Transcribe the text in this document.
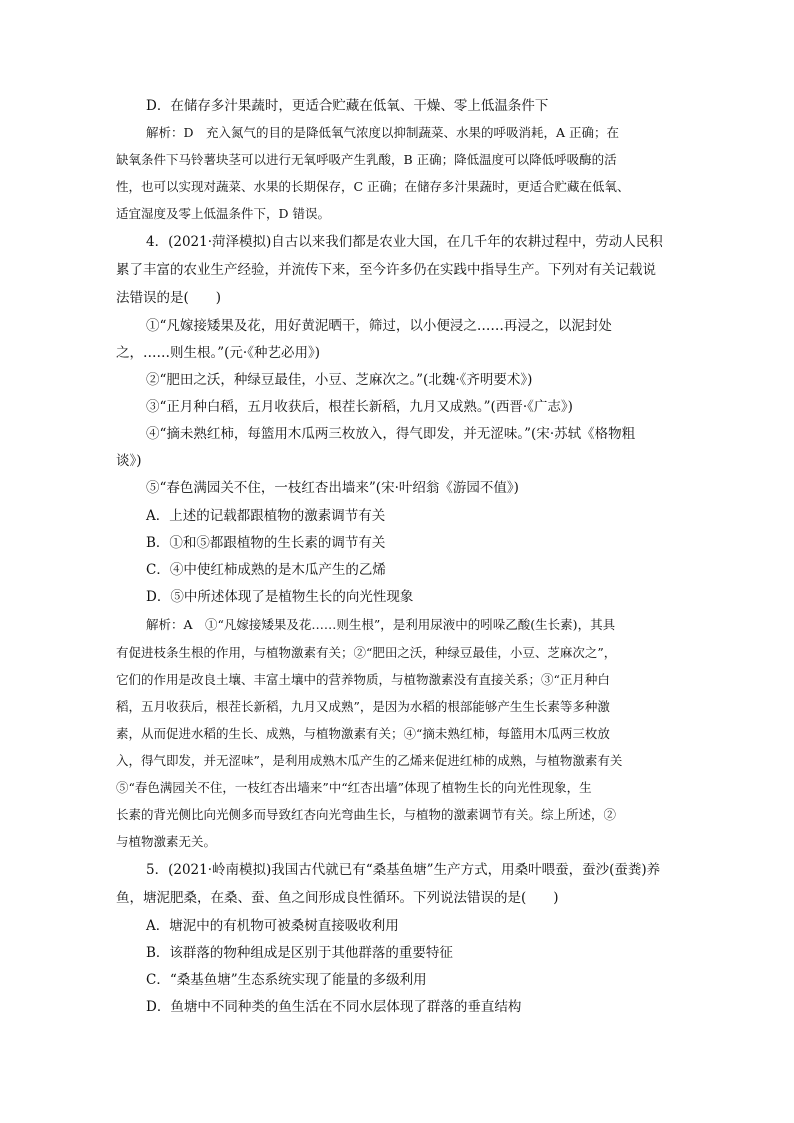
D．在储存多汁果蔬时，更适合贮藏在低氧、干燥、零上低温条件下
解析：D　充入氮气的目的是降低氧气浓度以抑制蔬菜、水果的呼吸消耗，A 正确；在
缺氧条件下马铃薯块茎可以进行无氧呼吸产生乳酸，B 正确；降低温度可以降低呼吸酶的活
性，也可以实现对蔬菜、水果的长期保存，C 正确；在储存多汁果蔬时，更适合贮藏在低氧、
适宜湿度及零上低温条件下，D 错误。
4．(2021·菏泽模拟)自古以来我们都是农业大国，在几千年的农耕过程中，劳动人民积
累了丰富的农业生产经验，并流传下来，至今许多仍在实践中指导生产。下列对有关记载说
法错误的是(　　)
①“凡嫁接矮果及花，用好黄泥晒干，筛过，以小便浸之……再浸之，以泥封处
之，……则生根。”(元·《种艺必用》)
②“肥田之沃，种绿豆最佳，小豆、芝麻次之。”(北魏·《齐明要术》)
③“正月种白稻，五月收获后，根茬长新稻，九月又成熟。”(西晋·《广志》)
④“摘未熟红柿，每篮用木瓜两三枚放入，得气即发，并无涩味。”(宋·苏轼《格物粗
谈》)
⑤“春色满园关不住，一枝红杏出墙来”(宋·叶绍翁《游园不值》)
A．上述的记载都跟植物的激素调节有关
B．①和⑤都跟植物的生长素的调节有关
C．④中使红柿成熟的是木瓜产生的乙烯
D．⑤中所述体现了是植物生长的向光性现象
解析：A　①“凡嫁接矮果及花……则生根”，是利用尿液中的吲哚乙酸(生长素)，其具
有促进枝条生根的作用，与植物激素有关；②“肥田之沃，种绿豆最佳，小豆、芝麻次之”，
它们的作用是改良土壤、丰富土壤中的营养物质，与植物激素没有直接关系；③“正月种白
稻，五月收获后，根茬长新稻，九月又成熟”，是因为水稻的根部能够产生生长素等多种激
素，从而促进水稻的生长、成熟，与植物激素有关；④“摘未熟红柿，每篮用木瓜两三枚放
入，得气即发，并无涩味”，是利用成熟木瓜产生的乙烯来促进红柿的成熟，与植物激素有关
⑤“春色满园关不住，一枝红杏出墙来”中“红杏出墙”体现了植物生长的向光性现象，生
长素的背光侧比向光侧多而导致红杏向光弯曲生长，与植物的激素调节有关。综上所述，②
与植物激素无关。
5．(2021·岭南模拟)我国古代就已有“桑基鱼塘”生产方式，用桑叶喂蚕，蚕沙(蚕粪)养
鱼，塘泥肥桑，在桑、蚕、鱼之间形成良性循环。下列说法错误的是(　　)
A．塘泥中的有机物可被桑树直接吸收利用
B．该群落的物种组成是区别于其他群落的重要特征
C．“桑基鱼塘”生态系统实现了能量的多级利用
D．鱼塘中不同种类的鱼生活在不同水层体现了群落的垂直结构
